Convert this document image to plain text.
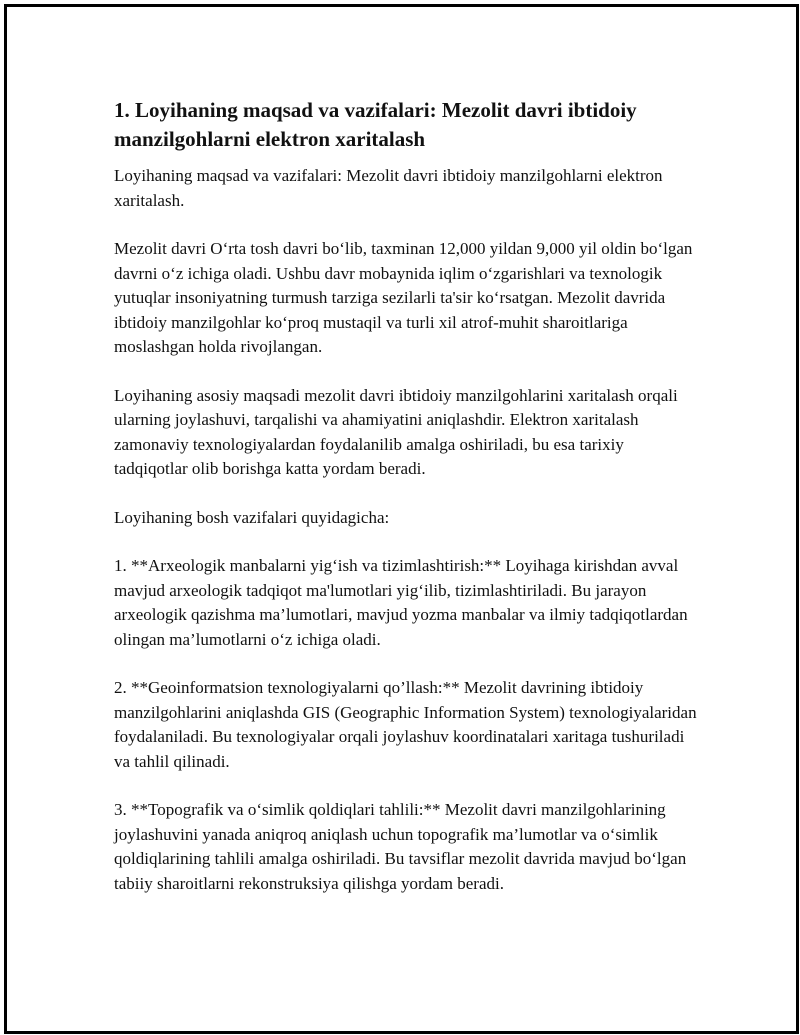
1. Loyihaning maqsad va vazifalari: Mezolit davri ibtidoiy manzilgohlarni elektron xaritalash

Loyihaning maqsad va vazifalari: Mezolit davri ibtidoiy manzilgohlarni elektron xaritalash.

Mezolit davri O‘rta tosh davri bo‘lib, taxminan 12,000 yildan 9,000 yil oldin bo‘lgan davrni o‘z ichiga oladi. Ushbu davr mobaynida iqlim o‘zgarishlari va texnologik yutuqlar insoniyatning turmush tarziga sezilarli ta'sir ko‘rsatgan. Mezolit davrida ibtidoiy manzilgohlar ko‘proq mustaqil va turli xil atrof-muhit sharoitlariga moslashgan holda rivojlangan.

Loyihaning asosiy maqsadi mezolit davri ibtidoiy manzilgohlarini xaritalash orqali ularning joylashuvi, tarqalishi va ahamiyatini aniqlashdir. Elektron xaritalash zamonaviy texnologiyalardan foydalanilib amalga oshiriladi, bu esa tarixiy tadqiqotlar olib borishga katta yordam beradi.

Loyihaning bosh vazifalari quyidagicha:

1. **Arxeologik manbalarni yig‘ish va tizimlashtirish:** Loyihaga kirishdan avval mavjud arxeologik tadqiqot ma'lumotlari yig‘ilib, tizimlashtiriladi. Bu jarayon arxeologik qazishma ma’lumotlari, mavjud yozma manbalar va ilmiy tadqiqotlardan olingan ma’lumotlarni o‘z ichiga oladi.

2. **Geoinformatsion texnologiyalarni qo’llash:** Mezolit davrining ibtidoiy manzilgohlarini aniqlashda GIS (Geographic Information System) texnologiyalaridan foydalaniladi. Bu texnologiyalar orqali joylashuv koordinatalari xaritaga tushuriladi va tahlil qilinadi.

3. **Topografik va o‘simlik qoldiqlari tahlili:** Mezolit davri manzilgohlarining joylashuvini yanada aniqroq aniqlash uchun topografik ma’lumotlar va o‘simlik qoldiqlarining tahlili amalga oshiriladi. Bu tavsiflar mezolit davrida mavjud bo‘lgan tabiiy sharoitlarni rekonstruksiya qilishga yordam beradi.
